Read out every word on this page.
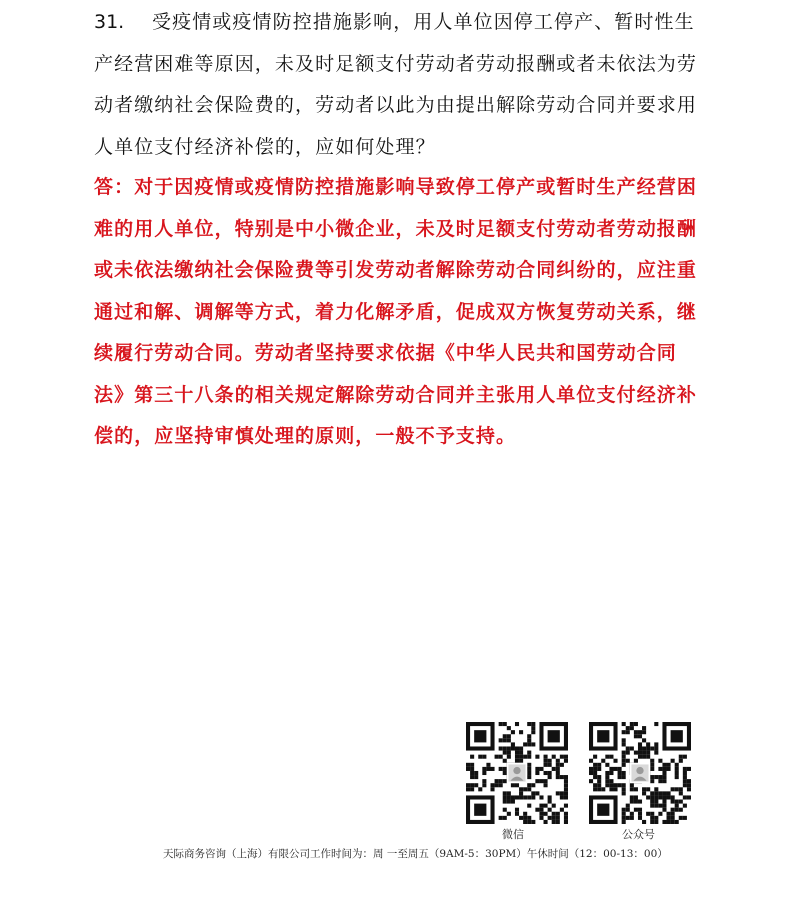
31. 受疫情或疫情防控措施影响，用人单位因停工停产、暂时性生产经营困难等原因，未及时足额支付劳动者劳动报酬或者未依法为劳动者缴纳社会保险费的，劳动者以此为由提出解除劳动合同并要求用人单位支付经济补偿的，应如何处理？

答：对于因疫情或疫情防控措施影响导致停工停产或暂时生产经营困难的用人单位，特别是中小微企业，未及时足额支付劳动者劳动报酬或未依法缴纳社会保险费等引发劳动者解除劳动合同纠纷的，应注重通过和解、调解等方式，着力化解矛盾，促成双方恢复劳动关系，继续履行劳动合同。劳动者坚持要求依据《中华人民共和国劳动合同法》第三十八条的相关规定解除劳动合同并主张用人单位支付经济补偿的，应坚持审慎处理的原则，一般不予支持。

微信	公众号
天际商务咨询（上海）有限公司工作时间为：周 一至周五（9AM-5：30PM）午休时间（12：00-13：00）
